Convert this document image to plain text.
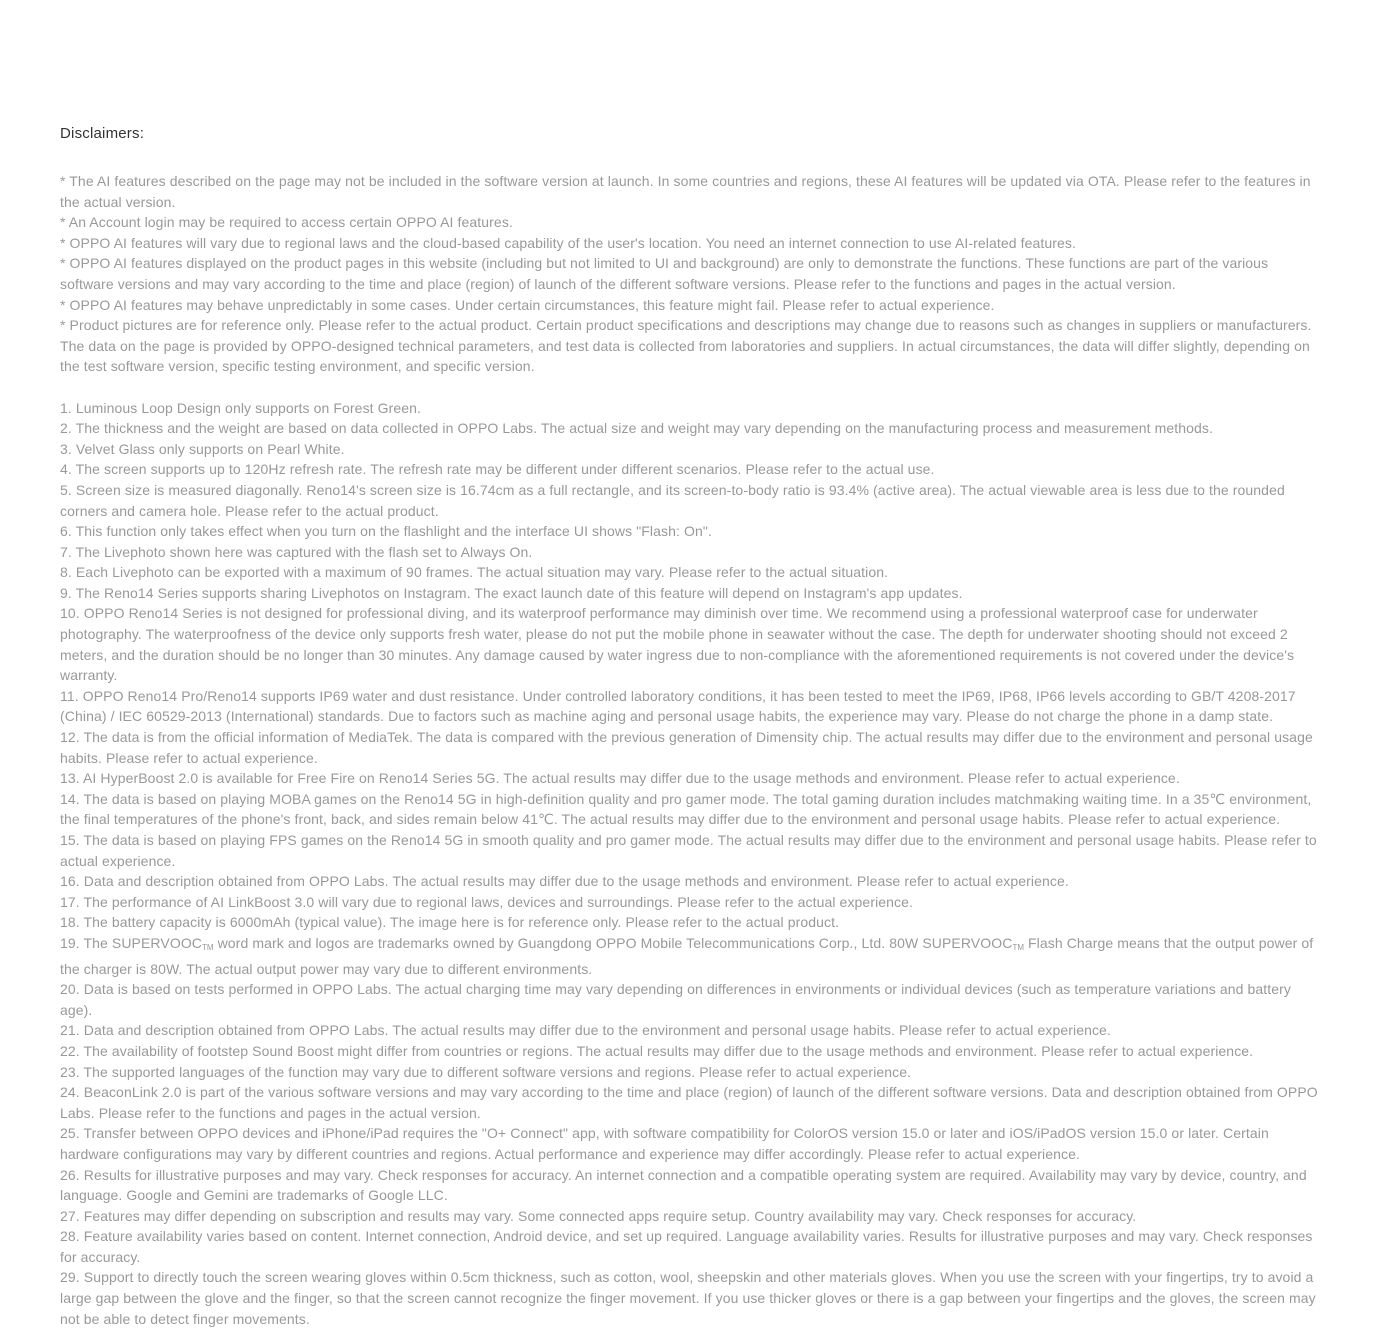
Disclaimers:

* The AI features described on the page may not be included in the software version at launch. In some countries and regions, these AI features will be updated via OTA. Please refer to the features in the actual version.

* An Account login may be required to access certain OPPO AI features.

* OPPO AI features will vary due to regional laws and the cloud-based capability of the user's location. You need an internet connection to use AI-related features.

* OPPO AI features displayed on the product pages in this website (including but not limited to UI and background) are only to demonstrate the functions. These functions are part of the various software versions and may vary according to the time and place (region) of launch of the different software versions. Please refer to the functions and pages in the actual version.

* OPPO AI features may behave unpredictably in some cases. Under certain circumstances, this feature might fail. Please refer to actual experience.

* Product pictures are for reference only. Please refer to the actual product. Certain product specifications and descriptions may change due to reasons such as changes in suppliers or manufacturers. The data on the page is provided by OPPO-designed technical parameters, and test data is collected from laboratories and suppliers. In actual circumstances, the data will differ slightly, depending on the test software version, specific testing environment, and specific version.

1. Luminous Loop Design only supports on Forest Green.

2. The thickness and the weight are based on data collected in OPPO Labs. The actual size and weight may vary depending on the manufacturing process and measurement methods.

3. Velvet Glass only supports on Pearl White.

4. The screen supports up to 120Hz refresh rate. The refresh rate may be different under different scenarios. Please refer to the actual use.

5. Screen size is measured diagonally. Reno14's screen size is 16.74cm as a full rectangle, and its screen-to-body ratio is 93.4% (active area). The actual viewable area is less due to the rounded corners and camera hole. Please refer to the actual product.

6. This function only takes effect when you turn on the flashlight and the interface UI shows "Flash: On".

7. The Livephoto shown here was captured with the flash set to Always On.

8. Each Livephoto can be exported with a maximum of 90 frames. The actual situation may vary. Please refer to the actual situation.

9. The Reno14 Series supports sharing Livephotos on Instagram. The exact launch date of this feature will depend on Instagram's app updates.

10. OPPO Reno14 Series is not designed for professional diving, and its waterproof performance may diminish over time. We recommend using a professional waterproof case for underwater photography. The waterproofness of the device only supports fresh water, please do not put the mobile phone in seawater without the case. The depth for underwater shooting should not exceed 2 meters, and the duration should be no longer than 30 minutes. Any damage caused by water ingress due to non-compliance with the aforementioned requirements is not covered under the device's warranty.

11. OPPO Reno14 Pro/Reno14 supports IP69 water and dust resistance. Under controlled laboratory conditions, it has been tested to meet the IP69, IP68, IP66 levels according to GB/T 4208-2017 (China) / IEC 60529-2013 (International) standards. Due to factors such as machine aging and personal usage habits, the experience may vary. Please do not charge the phone in a damp state.

12. The data is from the official information of MediaTek. The data is compared with the previous generation of Dimensity chip. The actual results may differ due to the environment and personal usage habits. Please refer to actual experience.

13. AI HyperBoost 2.0 is available for Free Fire on Reno14 Series 5G. The actual results may differ due to the usage methods and environment. Please refer to actual experience.

14. The data is based on playing MOBA games on the Reno14 5G in high-definition quality and pro gamer mode. The total gaming duration includes matchmaking waiting time. In a 35℃ environment, the final temperatures of the phone's front, back, and sides remain below 41℃. The actual results may differ due to the environment and personal usage habits. Please refer to actual experience.

15. The data is based on playing FPS games on the Reno14 5G in smooth quality and pro gamer mode. The actual results may differ due to the environment and personal usage habits. Please refer to actual experience.

16. Data and description obtained from OPPO Labs. The actual results may differ due to the usage methods and environment. Please refer to actual experience.

17. The performance of AI LinkBoost 3.0 will vary due to regional laws, devices and surroundings. Please refer to the actual experience.

18. The battery capacity is 6000mAh (typical value). The image here is for reference only. Please refer to the actual product.

19. The $SUPERVOOC_{TM}$ word mark and logos are trademarks owned by Guangdong OPPO Mobile Telecommunications Corp., Ltd. 80W $SUPERVOOC_{TM}$ Flash Charge means that the output power of the charger is 80W. The actual output power may vary due to different environments.

20. Data is based on tests performed in OPPO Labs. The actual charging time may vary depending on differences in environments or individual devices (such as temperature variations and battery age).

21. Data and description obtained from OPPO Labs. The actual results may differ due to the environment and personal usage habits. Please refer to actual experience.

22. The availability of footstep Sound Boost might differ from countries or regions. The actual results may differ due to the usage methods and environment. Please refer to actual experience.

23. The supported languages of the function may vary due to different software versions and regions. Please refer to actual experience.

24. BeaconLink 2.0 is part of the various software versions and may vary according to the time and place (region) of launch of the different software versions. Data and description obtained from OPPO Labs. Please refer to the functions and pages in the actual version.

25. Transfer between OPPO devices and iPhone/iPad requires the "O+ Connect" app, with software compatibility for ColorOS version 15.0 or later and iOS/iPadOS version 15.0 or later. Certain hardware configurations may vary by different countries and regions. Actual performance and experience may differ accordingly. Please refer to actual experience.

26. Results for illustrative purposes and may vary. Check responses for accuracy. An internet connection and a compatible operating system are required. Availability may vary by device, country, and language. Google and Gemini are trademarks of Google LLC.

27. Features may differ depending on subscription and results may vary. Some connected apps require setup. Country availability may vary. Check responses for accuracy.

28. Feature availability varies based on content. Internet connection, Android device, and set up required. Language availability varies. Results for illustrative purposes and may vary. Check responses for accuracy.

29. Support to directly touch the screen wearing gloves within 0.5cm thickness, such as cotton, wool, sheepskin and other materials gloves. When you use the screen with your fingertips, try to avoid a large gap between the glove and the finger, so that the screen cannot recognize the finger movement. If you use thicker gloves or there is a gap between your fingertips and the gloves, the screen may not be able to detect finger movements.
